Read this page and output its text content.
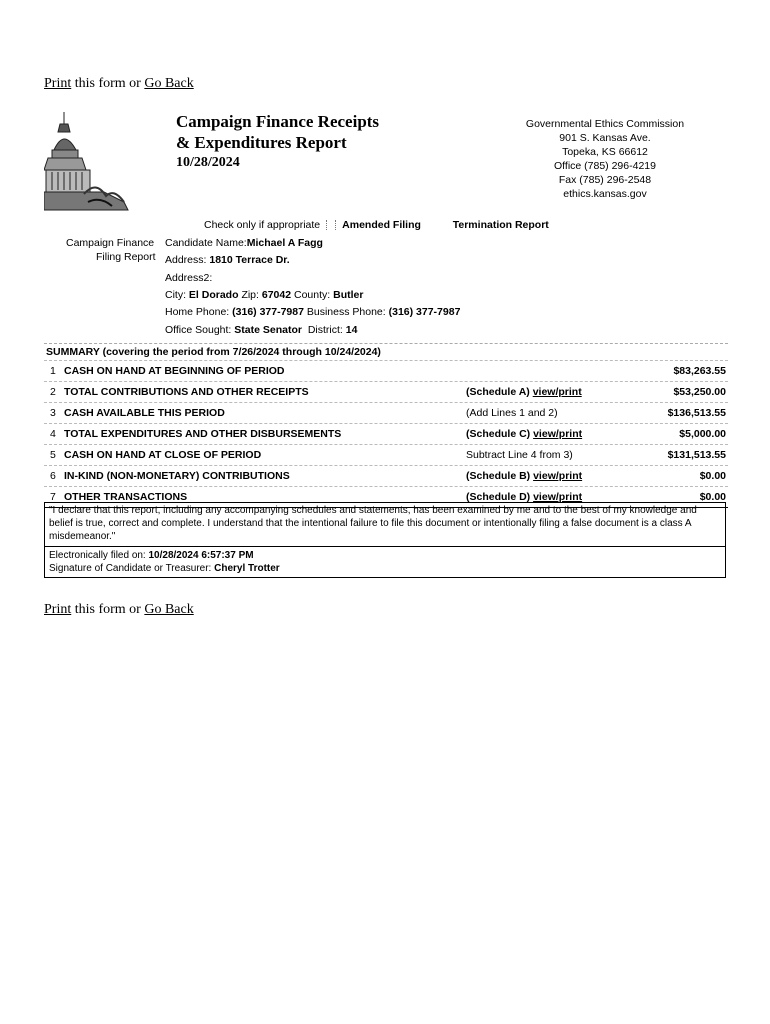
Print this form or Go Back
Campaign Finance Receipts
& Expenditures Report
10/28/2024
Governmental Ethics Commission
901 S. Kansas Ave.
Topeka, KS 66612
Office (785) 296-4219
Fax (785) 296-2548
ethics.kansas.gov
Check only if appropriate Amended Filing	Termination Report
Campaign Finance
Filing Report
Candidate Name:Michael A Fagg
Address: 1810 Terrace Dr.
Address2:
City: El Dorado Zip: 67042 County: Butler
Home Phone: (316) 377-7987 Business Phone: (316) 377-7987
Office Sought: State Senator District: 14
SUMMARY (covering the period from 7/26/2024 through 10/24/2024)
1 CASH ON HAND AT BEGINNING OF PERIOD	$83,263.55
2 TOTAL CONTRIBUTIONS AND OTHER RECEIPTS	(Schedule A) view/print	$53,250.00
3 CASH AVAILABLE THIS PERIOD	(Add Lines 1 and 2)	$136,513.55
4 TOTAL EXPENDITURES AND OTHER DISBURSEMENTS	(Schedule C) view/print	$5,000.00
5 CASH ON HAND AT CLOSE OF PERIOD	Subtract Line 4 from 3)	$131,513.55
6 IN-KIND (NON-MONETARY) CONTRIBUTIONS	(Schedule B) view/print	$0.00
7 OTHER TRANSACTIONS	(Schedule D) view/print	$0.00
"I declare that this report, including any accompanying schedules and statements, has been examined by me and to the best of my knowledge and belief is true, correct and complete. I understand that the intentional failure to file this document or intentionally filing a false document is a class A misdemeanor."
Electronically filed on: 10/28/2024 6:57:37 PM
Signature of Candidate or Treasurer: Cheryl Trotter
Print this form or Go Back
